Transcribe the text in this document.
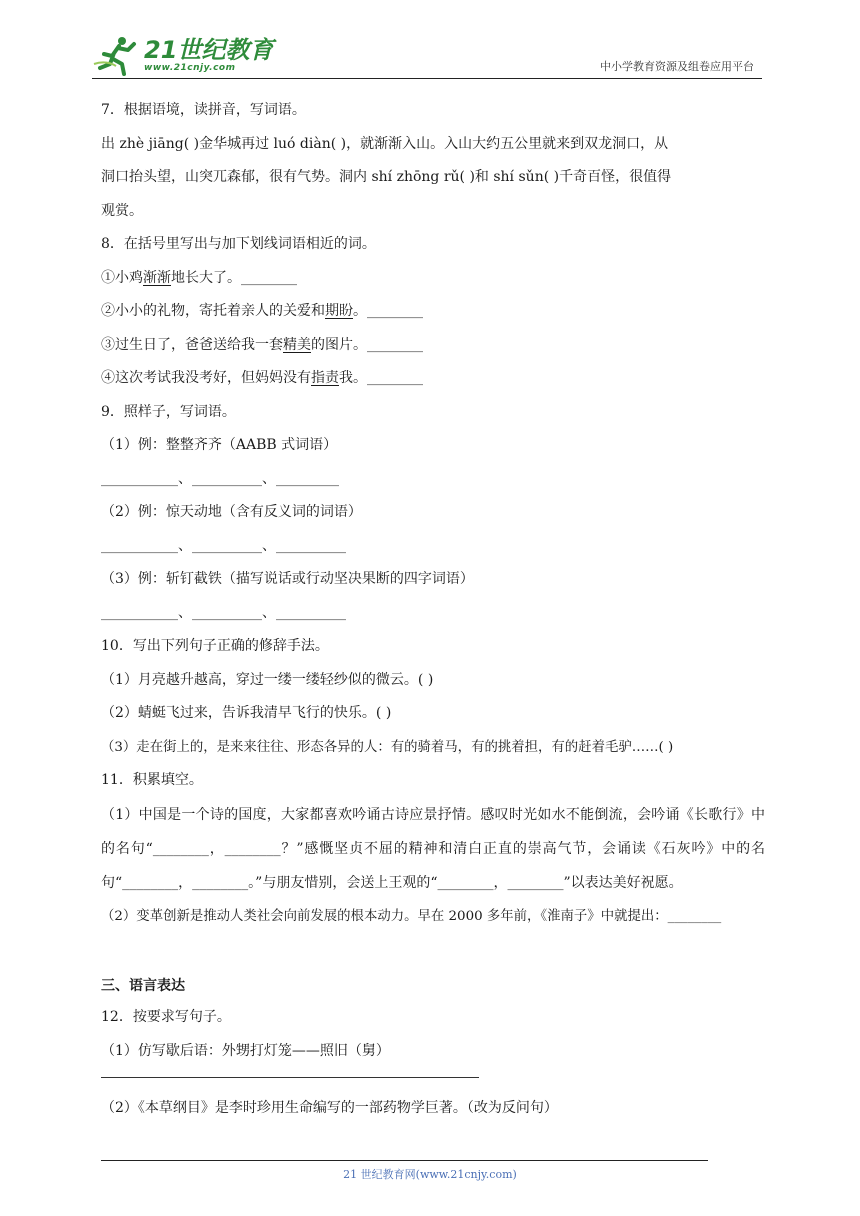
21世纪教育
www.21cnjy.com	中小学教育资源及组卷应用平台
7．根据语境，读拼音，写词语。
出 zhè jiāng( )金华城再过 luó diàn( )，就渐渐入山。入山大约五公里就来到双龙洞口，从
洞口抬头望，山突兀森郁，很有气势。洞内 shí zhōng rǔ( )和 shí sǔn( )千奇百怪，很值得
观赏。
8．在括号里写出与加下划线词语相近的词。
①小鸡渐渐地长大了。________
②小小的礼物，寄托着亲人的关爱和期盼。________
③过生日了，爸爸送给我一套精美的图片。________
④这次考试我没考好，但妈妈没有指责我。________
9．照样子，写词语。
（1）例：整整齐齐（AABB 式词语）
___________、__________、_________
（2）例：惊天动地（含有反义词的词语）
___________、__________、__________
（3）例：斩钉截铁（描写说话或行动坚决果断的四字词语）
___________、__________、__________
10．写出下列句子正确的修辞手法。
（1）月亮越升越高，穿过一缕一缕轻纱似的微云。( )
（2）蜻蜓飞过来，告诉我清早飞行的快乐。( )
（3）走在街上的，是来来往往、形态各异的人：有的骑着马，有的挑着担，有的赶着毛驴……( )
11．积累填空。
（1）中国是一个诗的国度，大家都喜欢吟诵古诗应景抒情。感叹时光如水不能倒流，会吟诵《长歌行》中的名句“________，________？”感慨坚贞不屈的精神和清白正直的崇高气节，会诵读《石灰吟》中的名句“________，________。”与朋友惜别，会送上王观的“________，________”以表达美好祝愿。
（2）变革创新是推动人类社会向前发展的根本动力。早在 2000 多年前，《淮南子》中就提出：________
三、语言表达
12．按要求写句子。
（1）仿写歇后语：外甥打灯笼——照旧（舅）
（2）《本草纲目》是李时珍用生命编写的一部药物学巨著。（改为反问句）
21 世纪教育网(www.21cnjy.com)
